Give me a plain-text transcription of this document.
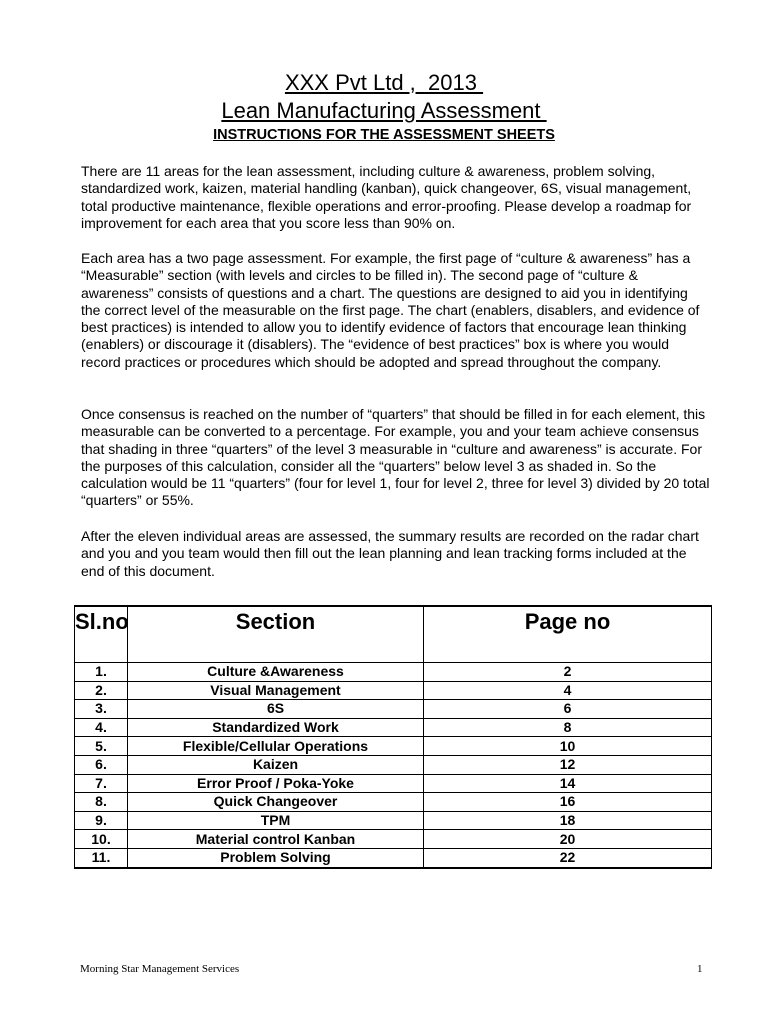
XXX Pvt Ltd ,  2013
Lean Manufacturing Assessment
INSTRUCTIONS FOR THE ASSESSMENT SHEETS

There are 11 areas for the lean assessment, including culture & awareness, problem solving, standardized work, kaizen, material handling (kanban), quick changeover, 6S, visual management, total productive maintenance, flexible operations and error-proofing. Please develop a roadmap for improvement for each area that you score less than 90% on.

Each area has a two page assessment. For example, the first page of “culture & awareness” has a “Measurable” section (with levels and circles to be filled in). The second page of “culture & awareness” consists of questions and a chart. The questions are designed to aid you in identifying the correct level of the measurable on the first page. The chart (enablers, disablers, and evidence of best practices) is intended to allow you to identify evidence of factors that encourage lean thinking (enablers) or discourage it (disablers). The “evidence of best practices” box is where you would record practices or procedures which should be adopted and spread throughout the company.

Once consensus is reached on the number of “quarters” that should be filled in for each element, this measurable can be converted to a percentage. For example, you and your team achieve consensus that shading in three “quarters” of the level 3 measurable in “culture and awareness” is accurate. For the purposes of this calculation, consider all the “quarters” below level 3 as shaded in. So the calculation would be 11 “quarters” (four for level 1, four for level 2, three for level 3) divided by 20 total “quarters” or 55%.

After the eleven individual areas are assessed, the summary results are recorded on the radar chart and you and you team would then fill out the lean planning and lean tracking forms included at the end of this document.

Sl.no	Section	Page no
1.	Culture &Awareness	2
2.	Visual Management	4
3.	6S	6
4.	Standardized Work	8
5.	Flexible/Cellular Operations	10
6.	Kaizen	12
7.	Error Proof / Poka-Yoke	14
8.	Quick Changeover	16
9.	TPM	18
10.	Material control Kanban	20
11.	Problem Solving	22
Morning Star Management Services	1
